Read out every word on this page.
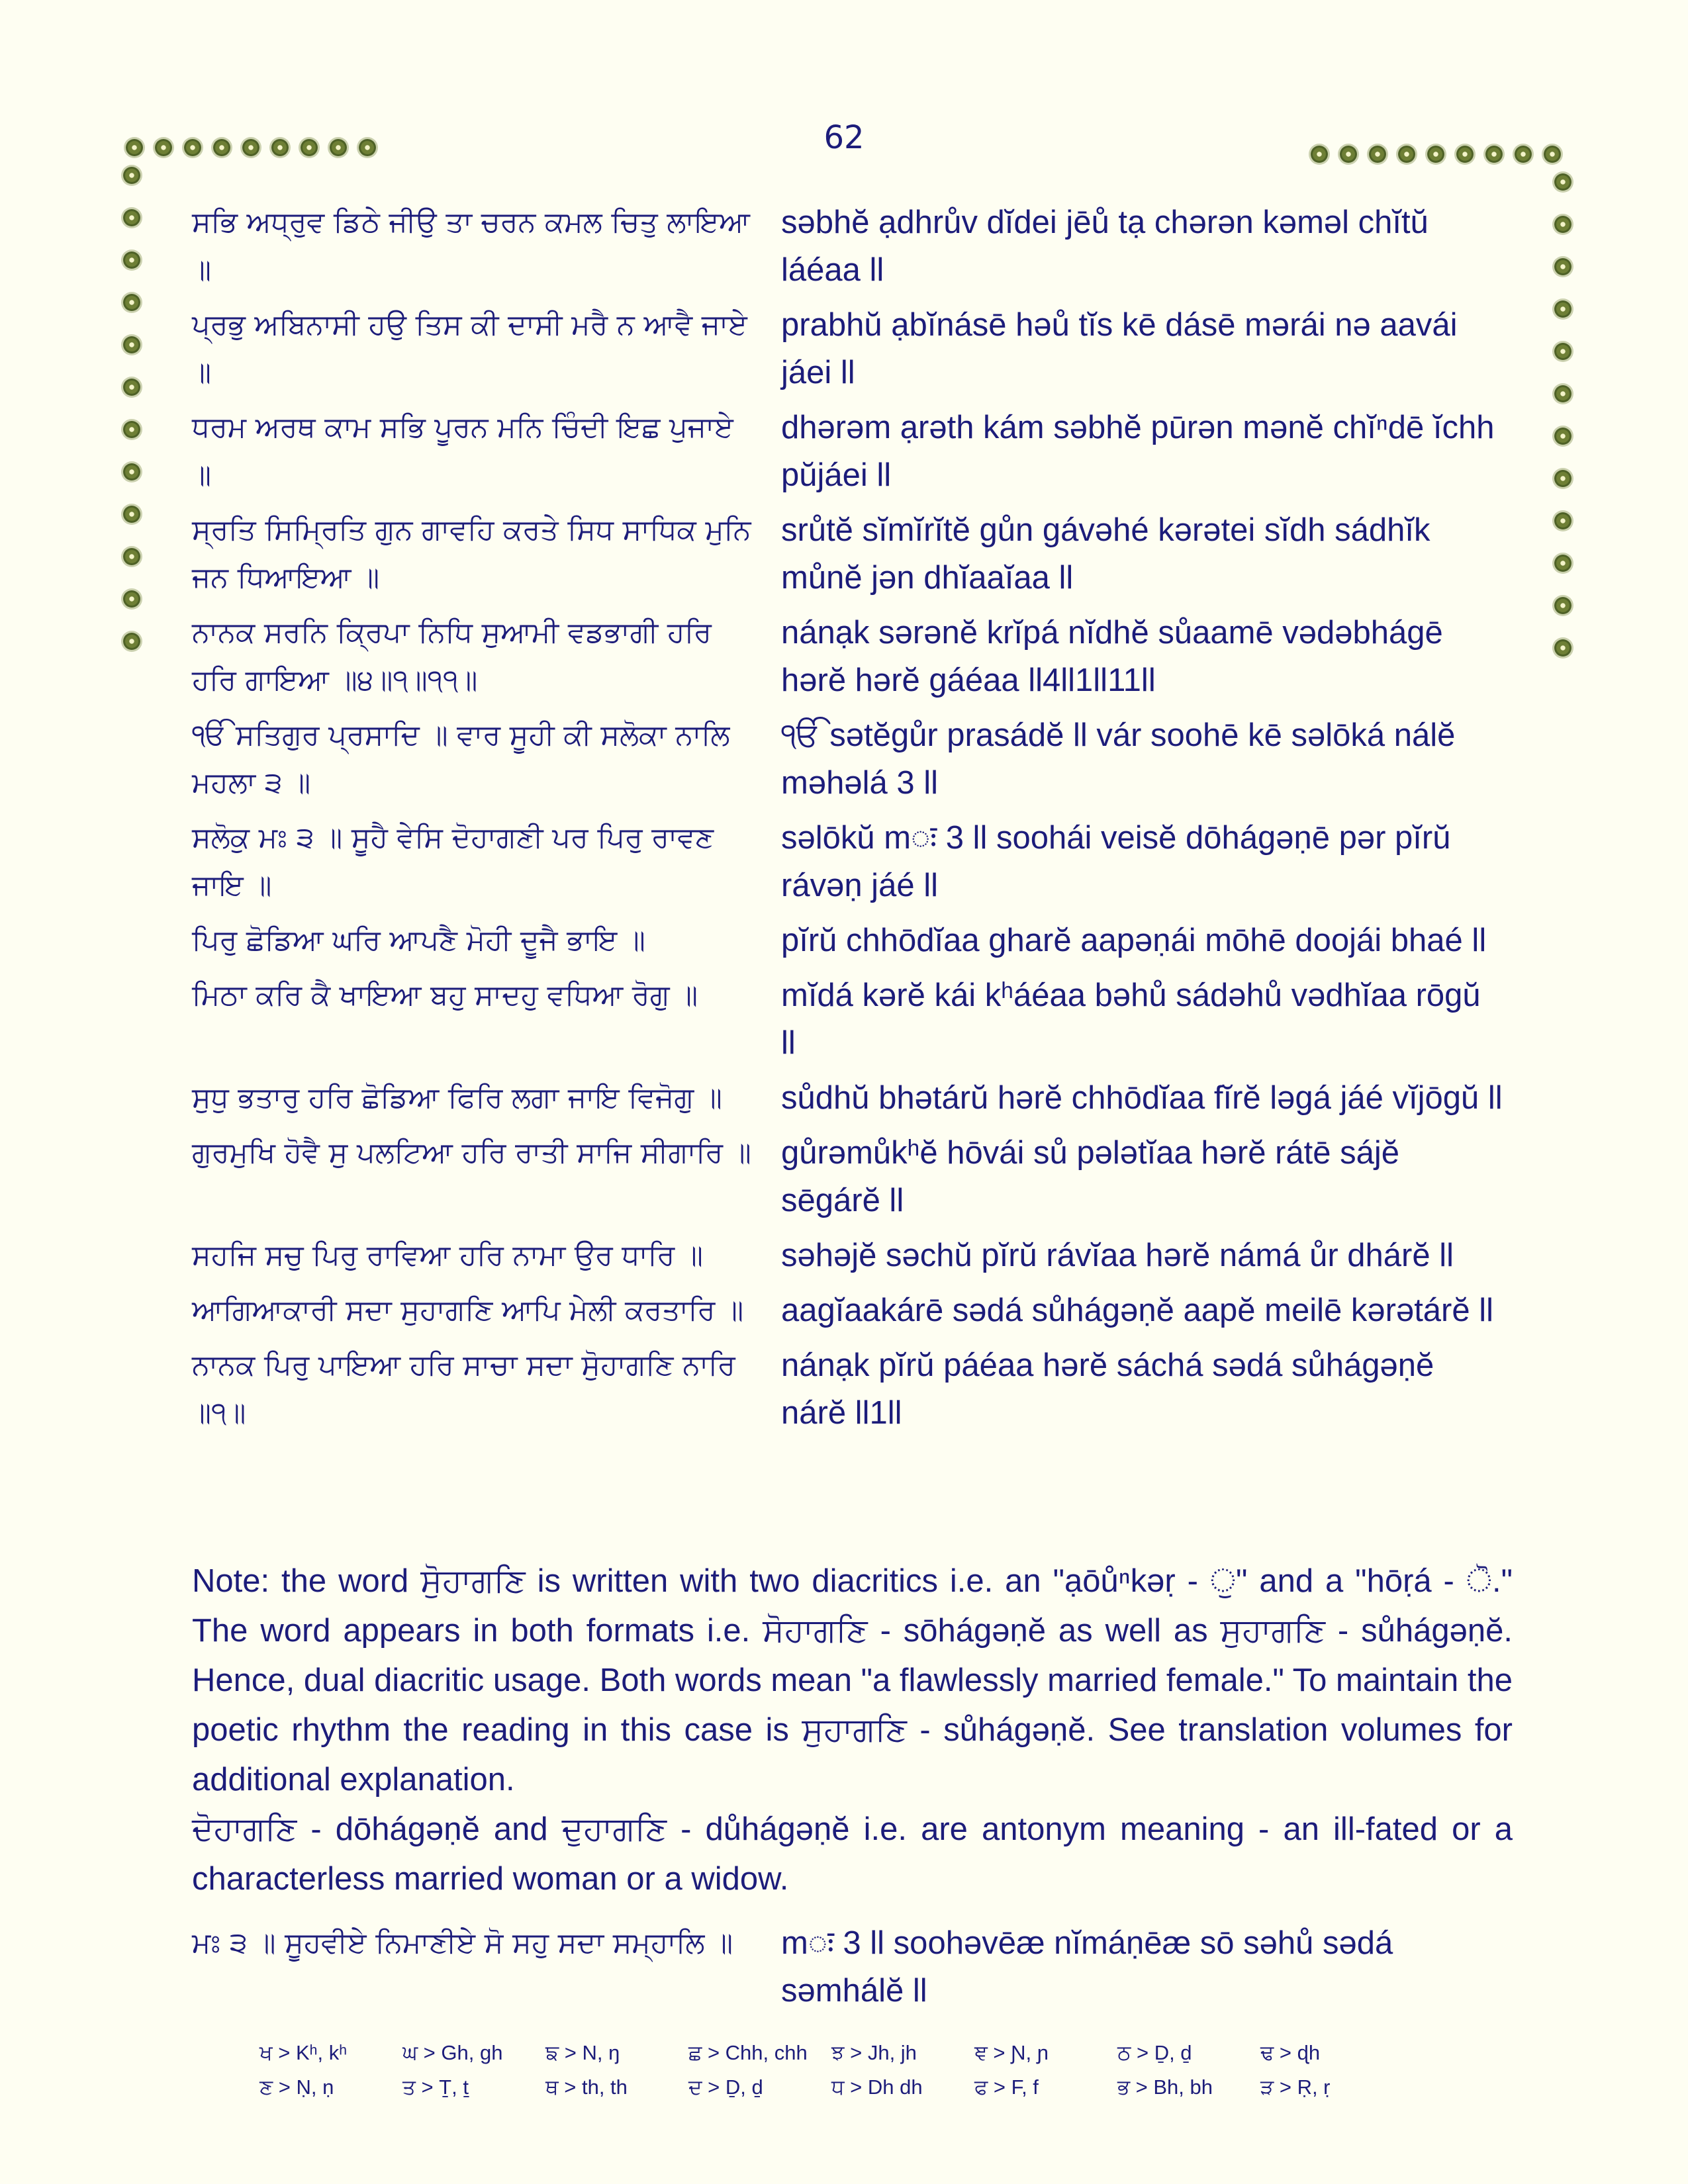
62
ਸਭਿ ਅਧ੍ਰੁਵ ਡਿਠੇ ਜੀਉ ਤਾ ਚਰਨ ਕਮਲ ਚਿਤੁ ਲਾਇਆ ॥
səbhĕ ạdhrův dĭdei jēů tạ chərən kəməl chĭtŭ láéaa ll
ਪ੍ਰਭੁ ਅਬਿਨਾਸੀ ਹਉ ਤਿਸ ਕੀ ਦਾਸੀ ਮਰੈ ਨ ਆਵੈ ਜਾਏ ॥
prabhŭ ạbĭnásē həů tĭs kē dásē mərái nə aavái jáei ll
ਧਰਮ ਅਰਥ ਕਾਮ ਸਭਿ ਪੂਰਨ ਮਨਿ ਚਿੰਦੀ ਇਛ ਪੁਜਾਏ ॥
dhərəm ạrəth kám səbhĕ pūrən mənĕ chĭⁿdē ĭchh pŭjáei ll
ਸ੍ਰਤਿ ਸਿਮ੍ਰਿਤਿ ਗੁਨ ਗਾਵਹਿ ਕਰਤੇ ਸਿਧ ਸਾਧਿਕ ਮੁਨਿ ਜਨ ਧਿਆਇਆ ॥
srůtĕ sĭmĭrĭtĕ gůn gávəhé kərətei sĭdh sádhĭk můnĕ jən dhĭaaĭaa ll
ਨਾਨਕ ਸਰਨਿ ਕ੍ਰਿਪਾ ਨਿਧਿ ਸੁਆਮੀ ਵਡਭਾਗੀ ਹਰਿ ਹਰਿ ਗਾਇਆ ॥੪॥੧॥੧੧॥
nánạk sərənĕ krĭpá nĭdhĕ sůaamē vədəbhágē hərĕ hərĕ gáéaa ll4ll1ll11ll
ੴ ਸਤਿਗੁਰ ਪ੍ਰਸਾਦਿ ॥ ਵਾਰ ਸੂਹੀ ਕੀ ਸਲੋਕਾ ਨਾਲਿ ਮਹਲਾ ੩ ॥
ੴ sətĕgůr prasádĕ ll vár soohē kē səlōká nálĕ məhəlá 3 ll
ਸਲੋਕੁ ਮਃ ੩ ॥ ਸੂਹੈ ਵੇਸਿ ਦੋਹਾਗਣੀ ਪਰ ਪਿਰੁ ਰਾਵਣ ਜਾਇ ॥
səlōkŭ mः 3 ll soohái veisĕ dōhágəṇē pər pĭrŭ rávəṇ jáé ll
ਪਿਰੁ ਛੋਡਿਆ ਘਰਿ ਆਪਣੈ ਮੋਹੀ ਦੂਜੈ ਭਾਇ ॥	pĭrŭ chhōdĭaa gharĕ aapəṇái mōhē doojái bhaé ll
ਮਿਠਾ ਕਰਿ ਕੈ ਖਾਇਆ ਬਹੁ ਸਾਦਹੁ ਵਧਿਆ ਰੋਗੁ ॥	mĭdá kərĕ kái kʰáéaa bəhů sádəhů vədhĭaa rōgŭ ll
ਸੁਧੁ ਭਤਾਰੁ ਹਰਿ ਛੋਡਿਆ ਫਿਰਿ ਲਗਾ ਜਾਇ ਵਿਜੋਗੁ ॥	sůdhŭ bhətárŭ hərĕ chhōdĭaa fĭrĕ ləgá jáé vĭjōgŭ ll
ਗੁਰਮੁਖਿ ਹੋਵੈ ਸੁ ਪਲਟਿਆ ਹਰਿ ਰਾਤੀ ਸਾਜਿ ਸੀਗਾਰਿ ॥ gůrəmůkʰĕ hōvái sů pələtĭaa hərĕ rátē sájĕ sēgárĕ ll
ਸਹਜਿ ਸਚੁ ਪਿਰੁ ਰਾਵਿਆ ਹਰਿ ਨਾਮਾ ਉਰ ਧਾਰਿ ॥	səhəjĕ səchŭ pĭrŭ rávĭaa hərĕ námá ůr dhárĕ ll
ਆਗਿਆਕਾਰੀ ਸਦਾ ਸੁਹਾਗਣਿ ਆਪਿ ਮੇਲੀ ਕਰਤਾਰਿ ॥	aagĭaakárē sədá sůhágəṇĕ aapĕ meilē kərətárĕ ll
ਨਾਨਕ ਪਿਰੁ ਪਾਇਆ ਹਰਿ ਸਾਚਾ ਸਦਾ ਸੋੁਹਾਗਣਿ ਨਾਰਿ ॥੧॥
nánạk pĭrŭ páéaa hərĕ sáchá sədá sůhágəṇĕ nárĕ ll1ll

Note: the word ਸੋੁਹਾਗਣਿ is written with two diacritics i.e. an "ạōůⁿkəṛ - ੁ" and a "hōṛá - ੋ." The word appears in both formats i.e. ਸੋਹਾਗਣਿ - sōhágəṇĕ as well as ਸੁਹਾਗਣਿ - sůhágəṇĕ. Hence, dual diacritic usage. Both words mean "a flawlessly married female." To maintain the poetic rhythm the reading in this case is ਸੁਹਾਗਣਿ - sůhágəṇĕ. See translation volumes for additional explanation.

ਦੋਹਾਗਣਿ - dōhágəṇĕ and ਦੁਹਾਗਣਿ - důhágəṇĕ i.e. are antonym meaning - an ill-fated or a characterless married woman or a widow.

ਮਃ ੩ ॥ ਸੂਹਵੀਏ ਨਿਮਾਣੀਏ ਸੋ ਸਹੁ ਸਦਾ ਸਮ੍ਹਾਲਿ ॥	mः 3 ll soohəvēæ nĭmáṇēæ sō səhů sədá səmhálĕ ll
ਖ > Kʰ, kʰ	ਘ > Gh, gh	ਙ > N, ŋ	ਛ > Chh, chh	ਝ > Jh, jh	ਞ > Ɲ, ɲ	ਠ > Ḏ, ḏ	ਢ > ɖh
ਣ > Ṇ, ṇ	ਤ > Ṯ, ṯ	ਥ > th, th	ਦ > Ḏ, ḏ	ਧ > Dh dh	ਫ > F, f	ਭ > Bh, bh	ੜ > Ṛ, ṛ
